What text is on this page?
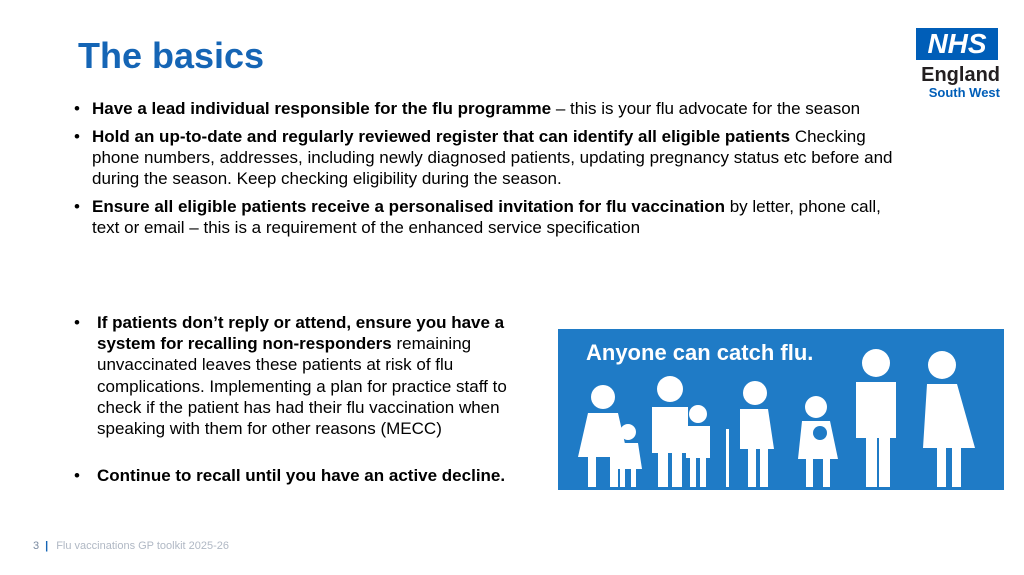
The basics	NHS
England
South West
• Have a lead individual responsible for the flu programme – this is your flu advocate for the season
• Hold an up-to-date and regularly reviewed register that can identify all eligible patients Checking phone numbers, addresses, including newly diagnosed patients, updating pregnancy status etc before and during the season. Keep checking eligibility during the season.
• Ensure all eligible patients receive a personalised invitation for flu vaccination by letter, phone call, text or email – this is a requirement of the enhanced service specification
• If patients don’t reply or attend, ensure you have a system for recalling non-responders remaining unvaccinated leaves these patients at risk of flu complications. Implementing a plan for practice staff to check if the patient has had their flu vaccination when speaking with them for other reasons (MECC)
• Continue to recall until you have an active decline.
Anyone can catch flu.
3 | Flu vaccinations GP toolkit 2025-26
